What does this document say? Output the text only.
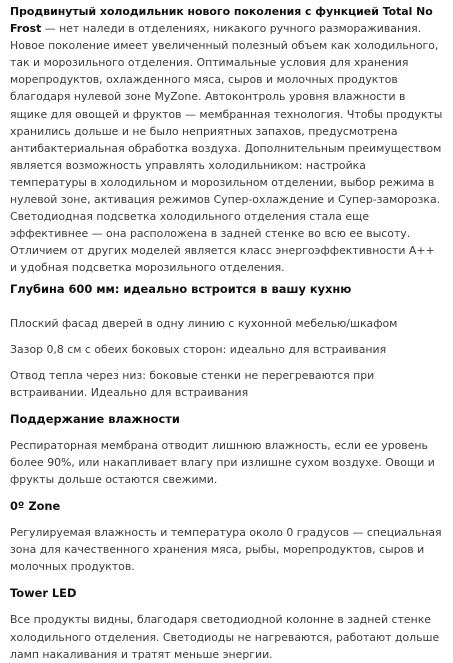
Продвинутый холодильник нового поколения с функцией Total No Frost — нет наледи в отделениях, никакого ручного размораживания. Новое поколение имеет увеличенный полезный объем как холодильного, так и морозильного отделения. Оптимальные условия для хранения морепродуктов, охлажденного мяса, сыров и молочных продуктов благодаря нулевой зоне MyZone. Автоконтроль уровня влажности в ящике для овощей и фруктов — мембранная технология. Чтобы продукты хранились дольше и не было неприятных запахов, предусмотрена антибактериальная обработка воздуха. Дополнительным преимуществом является возможность управлять холодильником: настройка температуры в холодильном и морозильном отделении, выбор режима в нулевой зоне, активация режимов Супер-охлаждение и Супер-заморозка. Светодиодная подсветка холодильного отделения стала еще эффективнее — она расположена в задней стенке во всю ее высоту. Отличием от других моделей является класс энергоэффективности А++ и удобная подсветка морозильного отделения.

Глубина 600 мм: идеально встроится в вашу кухню

Плоский фасад дверей в одну линию с кухонной мебелью/шкафом

Зазор 0,8 см с обеих боковых сторон: идеально для встраивания

Отвод тепла через низ: боковые стенки не перегреваются при встраивании. Идеально для встраивания

Поддержание влажности

Респираторная мембрана отводит лишнюю влажность, если ее уровень более 90%, или накапливает влагу при излишне сухом воздухе. Овощи и фрукты дольше остаются свежими.

0º Zone

Регулируемая влажность и температура около 0 градусов — специальная зона для качественного хранения мяса, рыбы, морепродуктов, сыров и молочных продуктов.

Tower LED

Все продукты видны, благодаря светодиодной колонне в задней стенке холодильного отделения. Светодиоды не нагреваются, работают дольше ламп накаливания и тратят меньше энергии.
